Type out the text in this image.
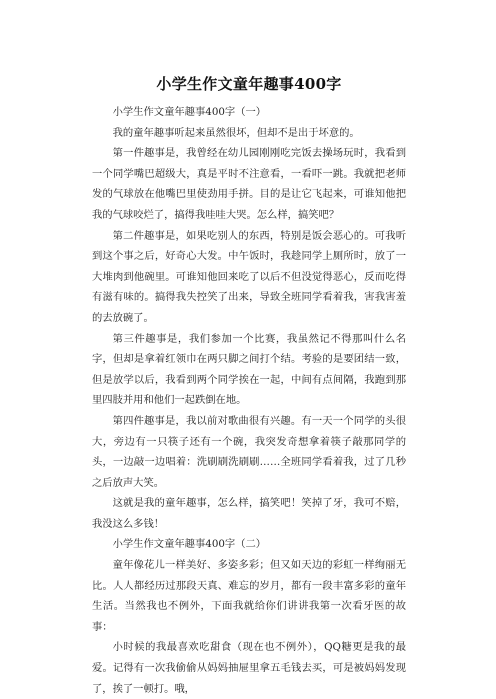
小学生作文童年趣事400字

小学生作文童年趣事400字（一）

我的童年趣事听起来虽然很坏，但却不是出于坏意的。

第一件趣事是，我曾经在幼儿园刚刚吃完饭去操场玩时，我看到一个同学嘴巴超级大，真是平时不注意看，一看吓一跳。我就把老师发的气球放在他嘴巴里使劲用手拼。目的是让它飞起来，可谁知他把我的气球咬烂了，搞得我哇哇大哭。怎么样，搞笑吧？

第二件趣事是，如果吃别人的东西，特别是饭会恶心的。可我听到这个事之后，好奇心大发。中午饭时，我趁同学上厕所时，放了一大堆肉到他碗里。可谁知他回来吃了以后不但没觉得恶心，反而吃得有滋有味的。搞得我失控笑了出来，导致全班同学看着我，害我害羞的去放碗了。

第三件趣事是，我们参加一个比赛，我虽然记不得那叫什么名字，但却是拿着红领巾在两只脚之间打个结。考验的是要团结一致，但是放学以后，我看到两个同学挨在一起，中间有点间隔，我跑到那里四肢并用和他们一起跌倒在地。

第四件趣事是，我以前对歌曲很有兴趣。有一天一个同学的头很大，旁边有一只筷子还有一个碗，我突发奇想拿着筷子敲那同学的头，一边敲一边唱着：洗刷刷洗刷刷……全班同学看着我，过了几秒之后放声大笑。

这就是我的童年趣事，怎么样，搞笑吧！笑掉了牙，我可不赔，我没这么多钱！

小学生作文童年趣事400字（二）

童年像花儿一样美好、多姿多彩；但又如天边的彩虹一样绚丽无比。人人都经历过那段天真、难忘的岁月，都有一段丰富多彩的童年生活。当然我也不例外，下面我就给你们讲讲我第一次看牙医的故事：

小时候的我最喜欢吃甜食（现在也不例外），QQ糖更是我的最爱。记得有一次我偷偷从妈妈抽屉里拿五毛钱去买，可是被妈妈发现了，挨了一顿打。哦，
